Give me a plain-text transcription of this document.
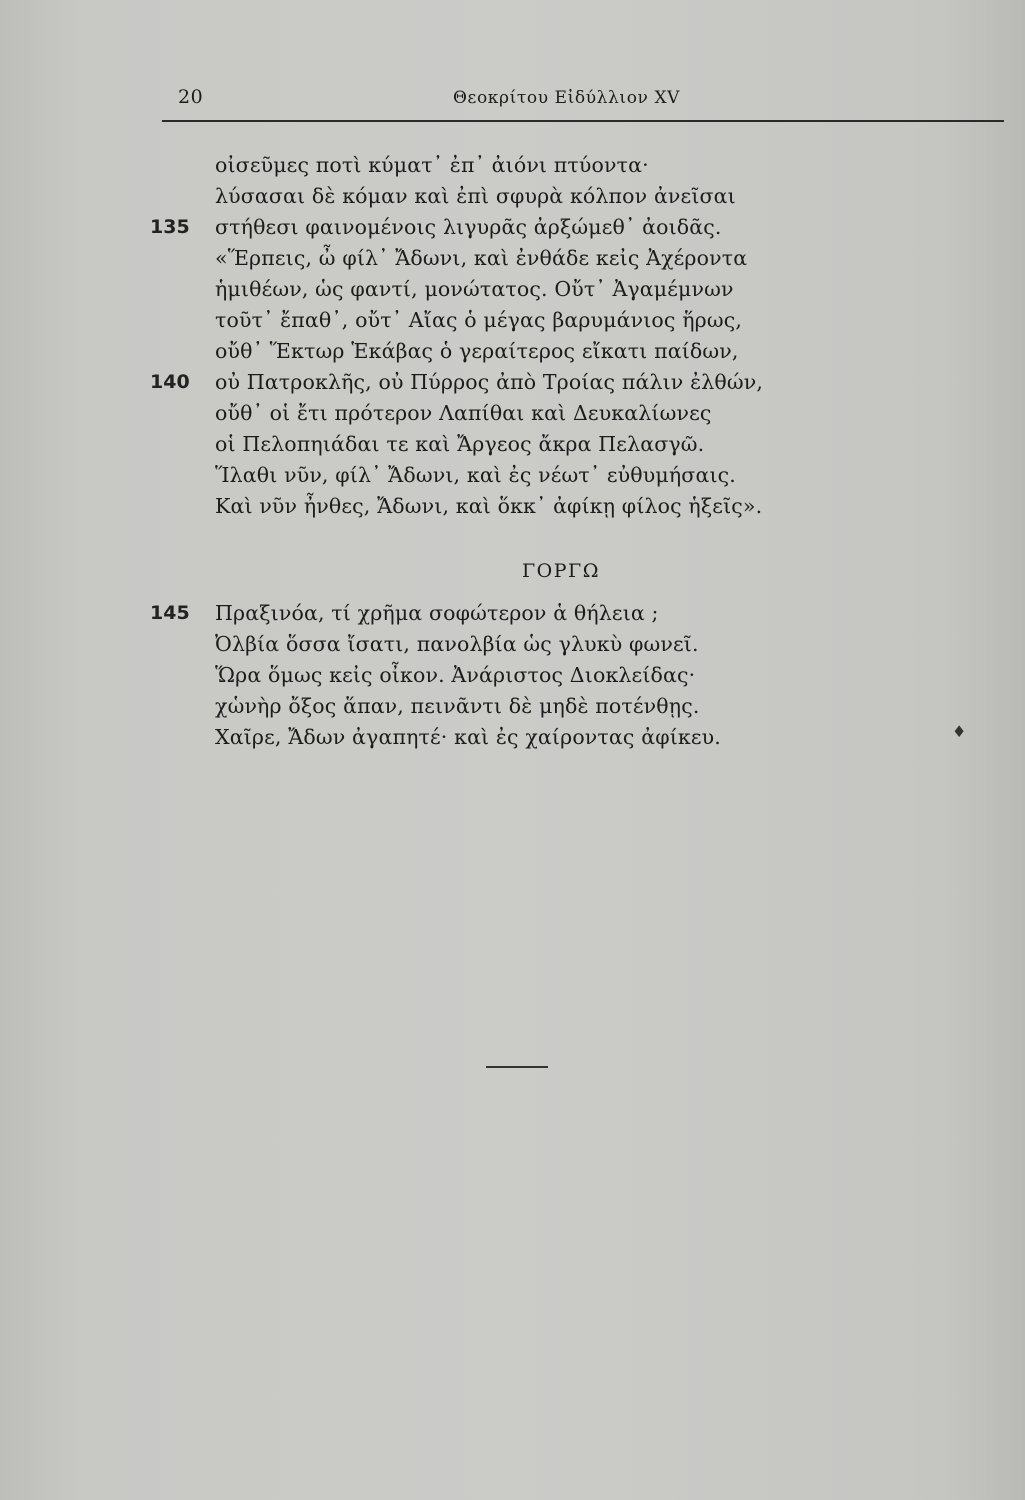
20	Θεοκρίτου Εἰδύλλιον ΧV
οἰσεῦμες ποτὶ κύματ᾽ ἐπ᾽ ἀιόνι πτύοντα·
λύσασαι δὲ κόμαν καὶ ἐπὶ σφυρὰ κόλπον ἀνεῖσαι
135	στήθεσι φαινομένοις λιγυρᾶς ἀρξώμεθ᾽ ἀοιδᾶς.
«Ἕρπεις, ὦ φίλ᾽ Ἄδωνι, καὶ ἐνθάδε κεἰς Ἀχέροντα
ἡμιθέων, ὡς φαντί, μονώτατος. Οὔτ᾽ Ἀγαμέμνων
τοῦτ᾽ ἔπαθ᾽, οὔτ᾽ Αἴας ὁ μέγας βαρυμάνιος ἥρως,
οὔθ᾽ Ἕκτωρ Ἑκάβας ὁ γεραίτερος εἴκατι παίδων,
140	οὐ Πατροκλῆς, οὐ Πύρρος ἀπὸ Τροίας πάλιν ἐλθών,
οὔθ᾽ οἱ ἔτι πρότερον Λαπίθαι καὶ Δευκαλίωνες
οἱ Πελοπηιάδαι τε καὶ Ἄργεος ἄκρα Πελασγῶ.
Ἵλαθι νῦν, φίλ᾽ Ἄδωνι, καὶ ἐς νέωτ᾽ εὐθυμήσαις.
Καὶ νῦν ἦνθες, Ἄδωνι, καὶ ὅκκ᾽ ἀφίκῃ φίλος ἡξεῖς».
ΓΟΡΓΩ
145	Πραξινόα, τί χρῆμα σοφώτερον ἁ θήλεια ;
Ὀλβία ὅσσα ἴσατι, πανολβία ὡς γλυκὺ φωνεῖ.
Ὥρα ὅμως κεἰς οἶκον. Ἀνάριστος Διοκλείδας·
χὡνὴρ ὄξος ἅπαν, πεινᾶντι δὲ μηδὲ ποτένθῃς.
Χαῖρε, Ἄδων ἀγαπητέ· καὶ ἐς χαίροντας ἀφίκευ.	♦
